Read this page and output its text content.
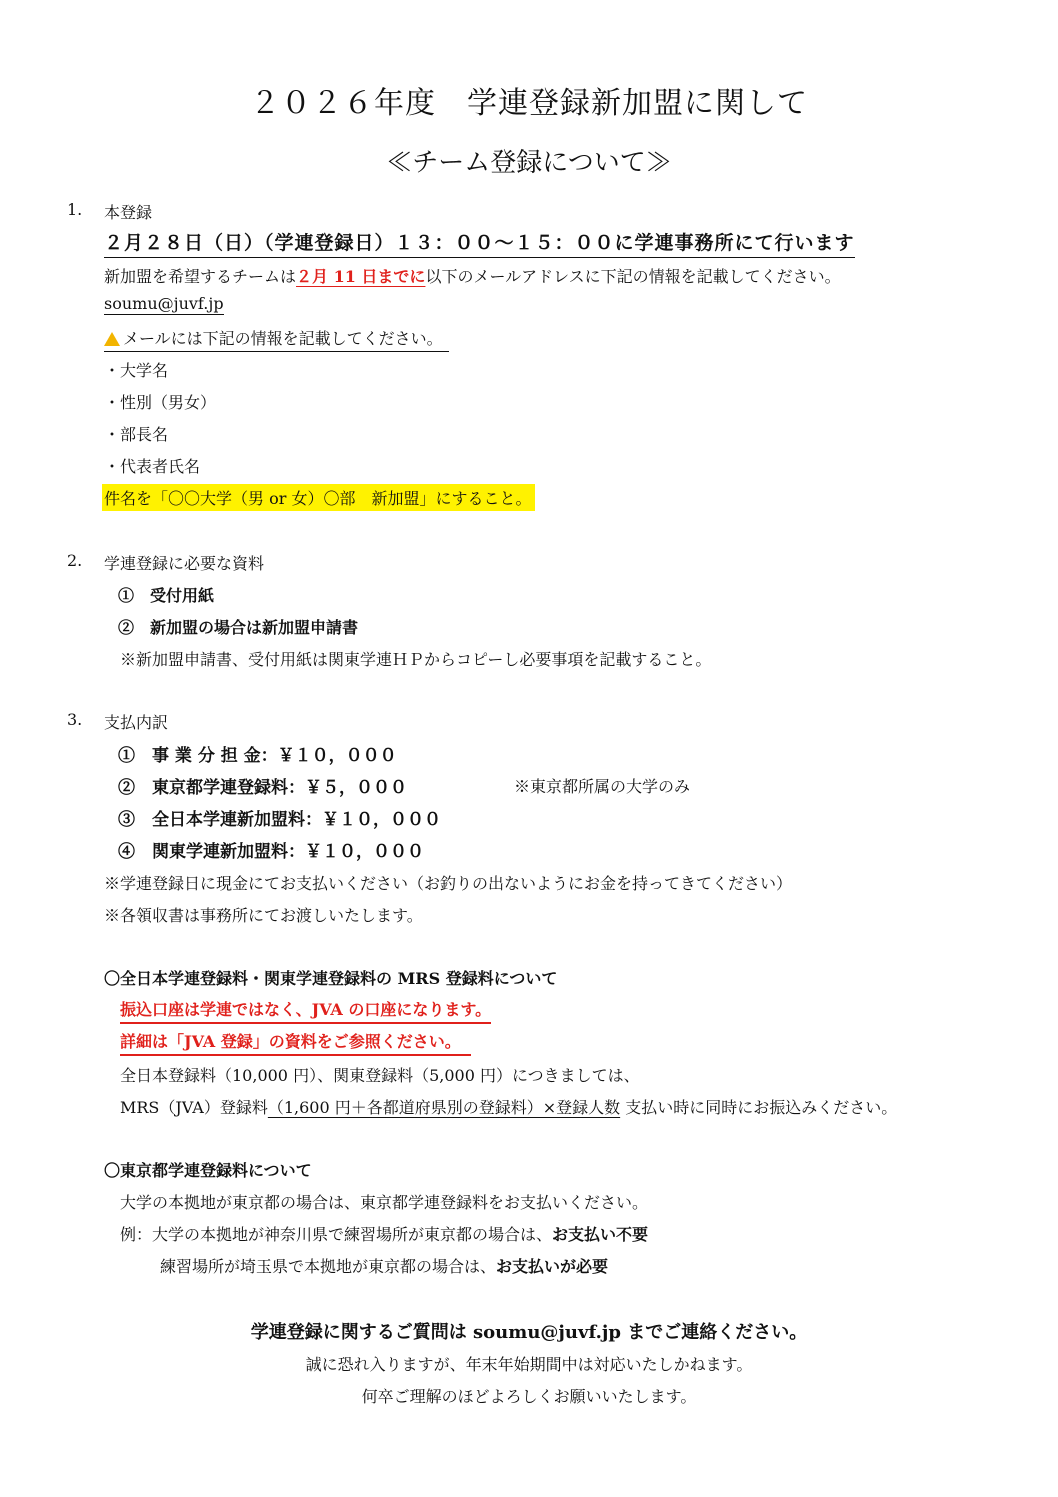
２０２６年度　学連登録新加盟に関して
≪チーム登録について≫
1. 本登録
２月２８日（日）（学連登録日）１３：００～１５：００に学連事務所にて行います
新加盟を希望するチームは２月 11 日までに以下のメールアドレスに下記の情報を記載してください。
soumu@juvf.jp
メールには下記の情報を記載してください。
・大学名
・性別（男女）
・部長名
・代表者氏名
件名を「〇〇大学（男 or 女）〇部　新加盟」にすること。
2. 学連登録に必要な資料
①　受付用紙
②　新加盟の場合は新加盟申請書
※新加盟申請書、受付用紙は関東学連ＨＰからコピーし必要事項を記載すること。
3. 支払内訳
①　事 業 分 担 金：￥１０，０００
②　東京都学連登録料：￥５，０００	※東京都所属の大学のみ
③　全日本学連新加盟料：￥１０，０００
④　関東学連新加盟料：￥１０，０００
※学連登録日に現金にてお支払いください（お釣りの出ないようにお金を持ってきてください）
※各領収書は事務所にてお渡しいたします。
〇全日本学連登録料・関東学連登録料の MRS 登録料について
振込口座は学連ではなく、JVA の口座になります。
詳細は「JVA 登録」の資料をご参照ください。
全日本登録料（10,000 円）、関東登録料（5,000 円）につきましては、
MRS（JVA）登録料（1,600 円＋各都道府県別の登録料）×登録人数 支払い時に同時にお振込みください。
〇東京都学連登録料について
大学の本拠地が東京都の場合は、東京都学連登録料をお支払いください。
例：大学の本拠地が神奈川県で練習場所が東京都の場合は、お支払い不要
練習場所が埼玉県で本拠地が東京都の場合は、お支払いが必要
学連登録に関するご質問は soumu@juvf.jp までご連絡ください。
誠に恐れ入りますが、年末年始期間中は対応いたしかねます。
何卒ご理解のほどよろしくお願いいたします。
